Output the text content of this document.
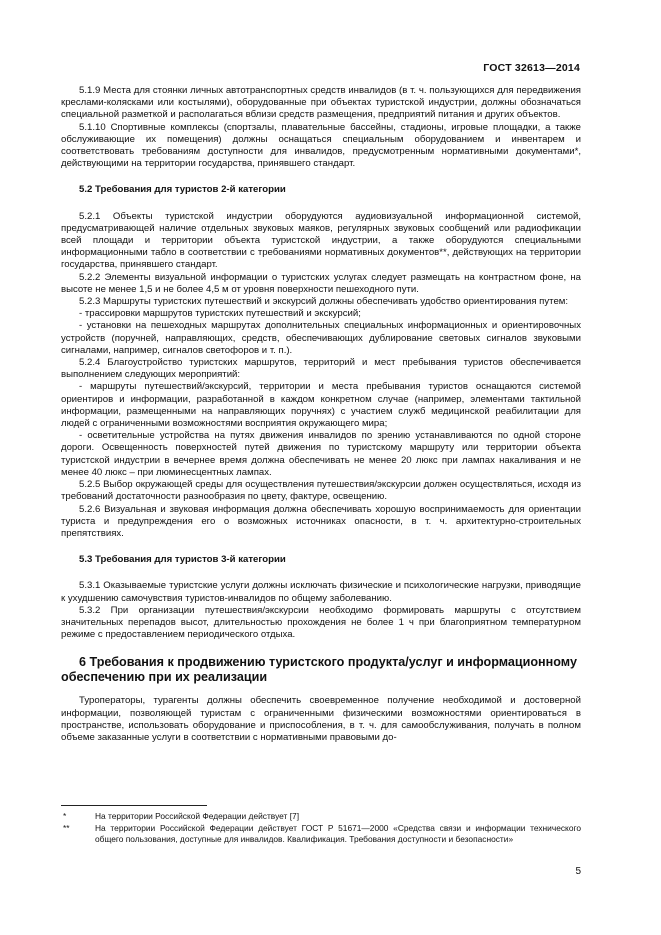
ГОСТ 32613—2014

5.1.9 Места для стоянки личных автотранспортных средств инвалидов (в т. ч. пользующихся для передвижения креслами-колясками или костылями), оборудованные при объектах туристской индустрии, должны обозначаться специальной разметкой и располагаться вблизи средств размещения, предприятий питания и других объектов.

5.1.10 Спортивные комплексы (спортзалы, плавательные бассейны, стадионы, игровые площадки, а также обслуживающие их помещения) должны оснащаться специальным оборудованием и инвентарем и соответствовать требованиям доступности для инвалидов, предусмотренным нормативными документами*, действующими на территории государства, принявшего стандарт.

5.2 Требования для туристов 2-й категории

5.2.1 Объекты туристской индустрии оборудуются аудиовизуальной информационной системой, предусматривающей наличие отдельных звуковых маяков, регулярных звуковых сообщений или радиофикации всей площади и территории объекта туристской индустрии, а также оборудуются специальными информационными табло в соответствии с требованиями нормативных документов**, действующих на территории государства, принявшего стандарт.

5.2.2 Элементы визуальной информации о туристских услугах следует размещать на контрастном фоне, на высоте не менее 1,5 и не более 4,5 м от уровня поверхности пешеходного пути.

5.2.3 Маршруты туристских путешествий и экскурсий должны обеспечивать удобство ориентирования путем:

- трассировки маршрутов туристских путешествий и экскурсий;

- установки на пешеходных маршрутах дополнительных специальных информационных и ориентировочных устройств (поручней, направляющих, средств, обеспечивающих дублирование световых сигналов звуковыми сигналами, например, сигналов светофоров и т. п.).

5.2.4 Благоустройство туристских маршрутов, территорий и мест пребывания туристов обеспечивается выполнением следующих мероприятий:

- маршруты путешествий/экскурсий, территории и места пребывания туристов оснащаются системой ориентиров и информации, разработанной в каждом конкретном случае (например, элементами тактильной информации, размещенными на направляющих поручнях) с участием служб медицинской реабилитации для людей с ограниченными возможностями восприятия окружающего мира;

- осветительные устройства на путях движения инвалидов по зрению устанавливаются по одной стороне дороги. Освещенность поверхностей путей движения по туристскому маршруту или территории объекта туристской индустрии в вечернее время должна обеспечивать не менее 20 люкс при лампах накаливания и не менее 40 люкс – при люминесцентных лампах.

5.2.5 Выбор окружающей среды для осуществления путешествия/экскурсии должен осуществляться, исходя из требований достаточности разнообразия по цвету, фактуре, освещению.

5.2.6 Визуальная и звуковая информация должна обеспечивать хорошую воспринимаемость для ориентации туриста и предупреждения его о возможных источниках опасности, в т. ч. архитектурно-строительных препятствиях.

5.3 Требования для туристов 3-й категории

5.3.1 Оказываемые туристские услуги должны исключать физические и психологические нагрузки, приводящие к ухудшению самочувствия туристов-инвалидов по общему заболеванию.

5.3.2 При организации путешествия/экскурсии необходимо формировать маршруты с отсутствием значительных перепадов высот, длительностью прохождения не более 1 ч при благоприятном температурном режиме с предоставлением периодического отдыха.

6 Требования к продвижению туристского продукта/услуг и информационному обеспечению при их реализации

Туроператоры, турагенты должны обеспечить своевременное получение необходимой и достоверной информации, позволяющей туристам с ограниченными физическими возможностями ориентироваться в пространстве, использовать оборудование и приспособления, в т. ч. для самообслуживания, получать в полном объеме заказанные услуги в соответствии с нормативными правовыми до-

*	На территории Российской Федерации действует [7]
**	На территории Российской Федерации действует ГОСТ Р 51671—2000 «Средства связи и информации технического общего пользования, доступные для инвалидов. Квалификация. Требования доступности и безопасности»
5
